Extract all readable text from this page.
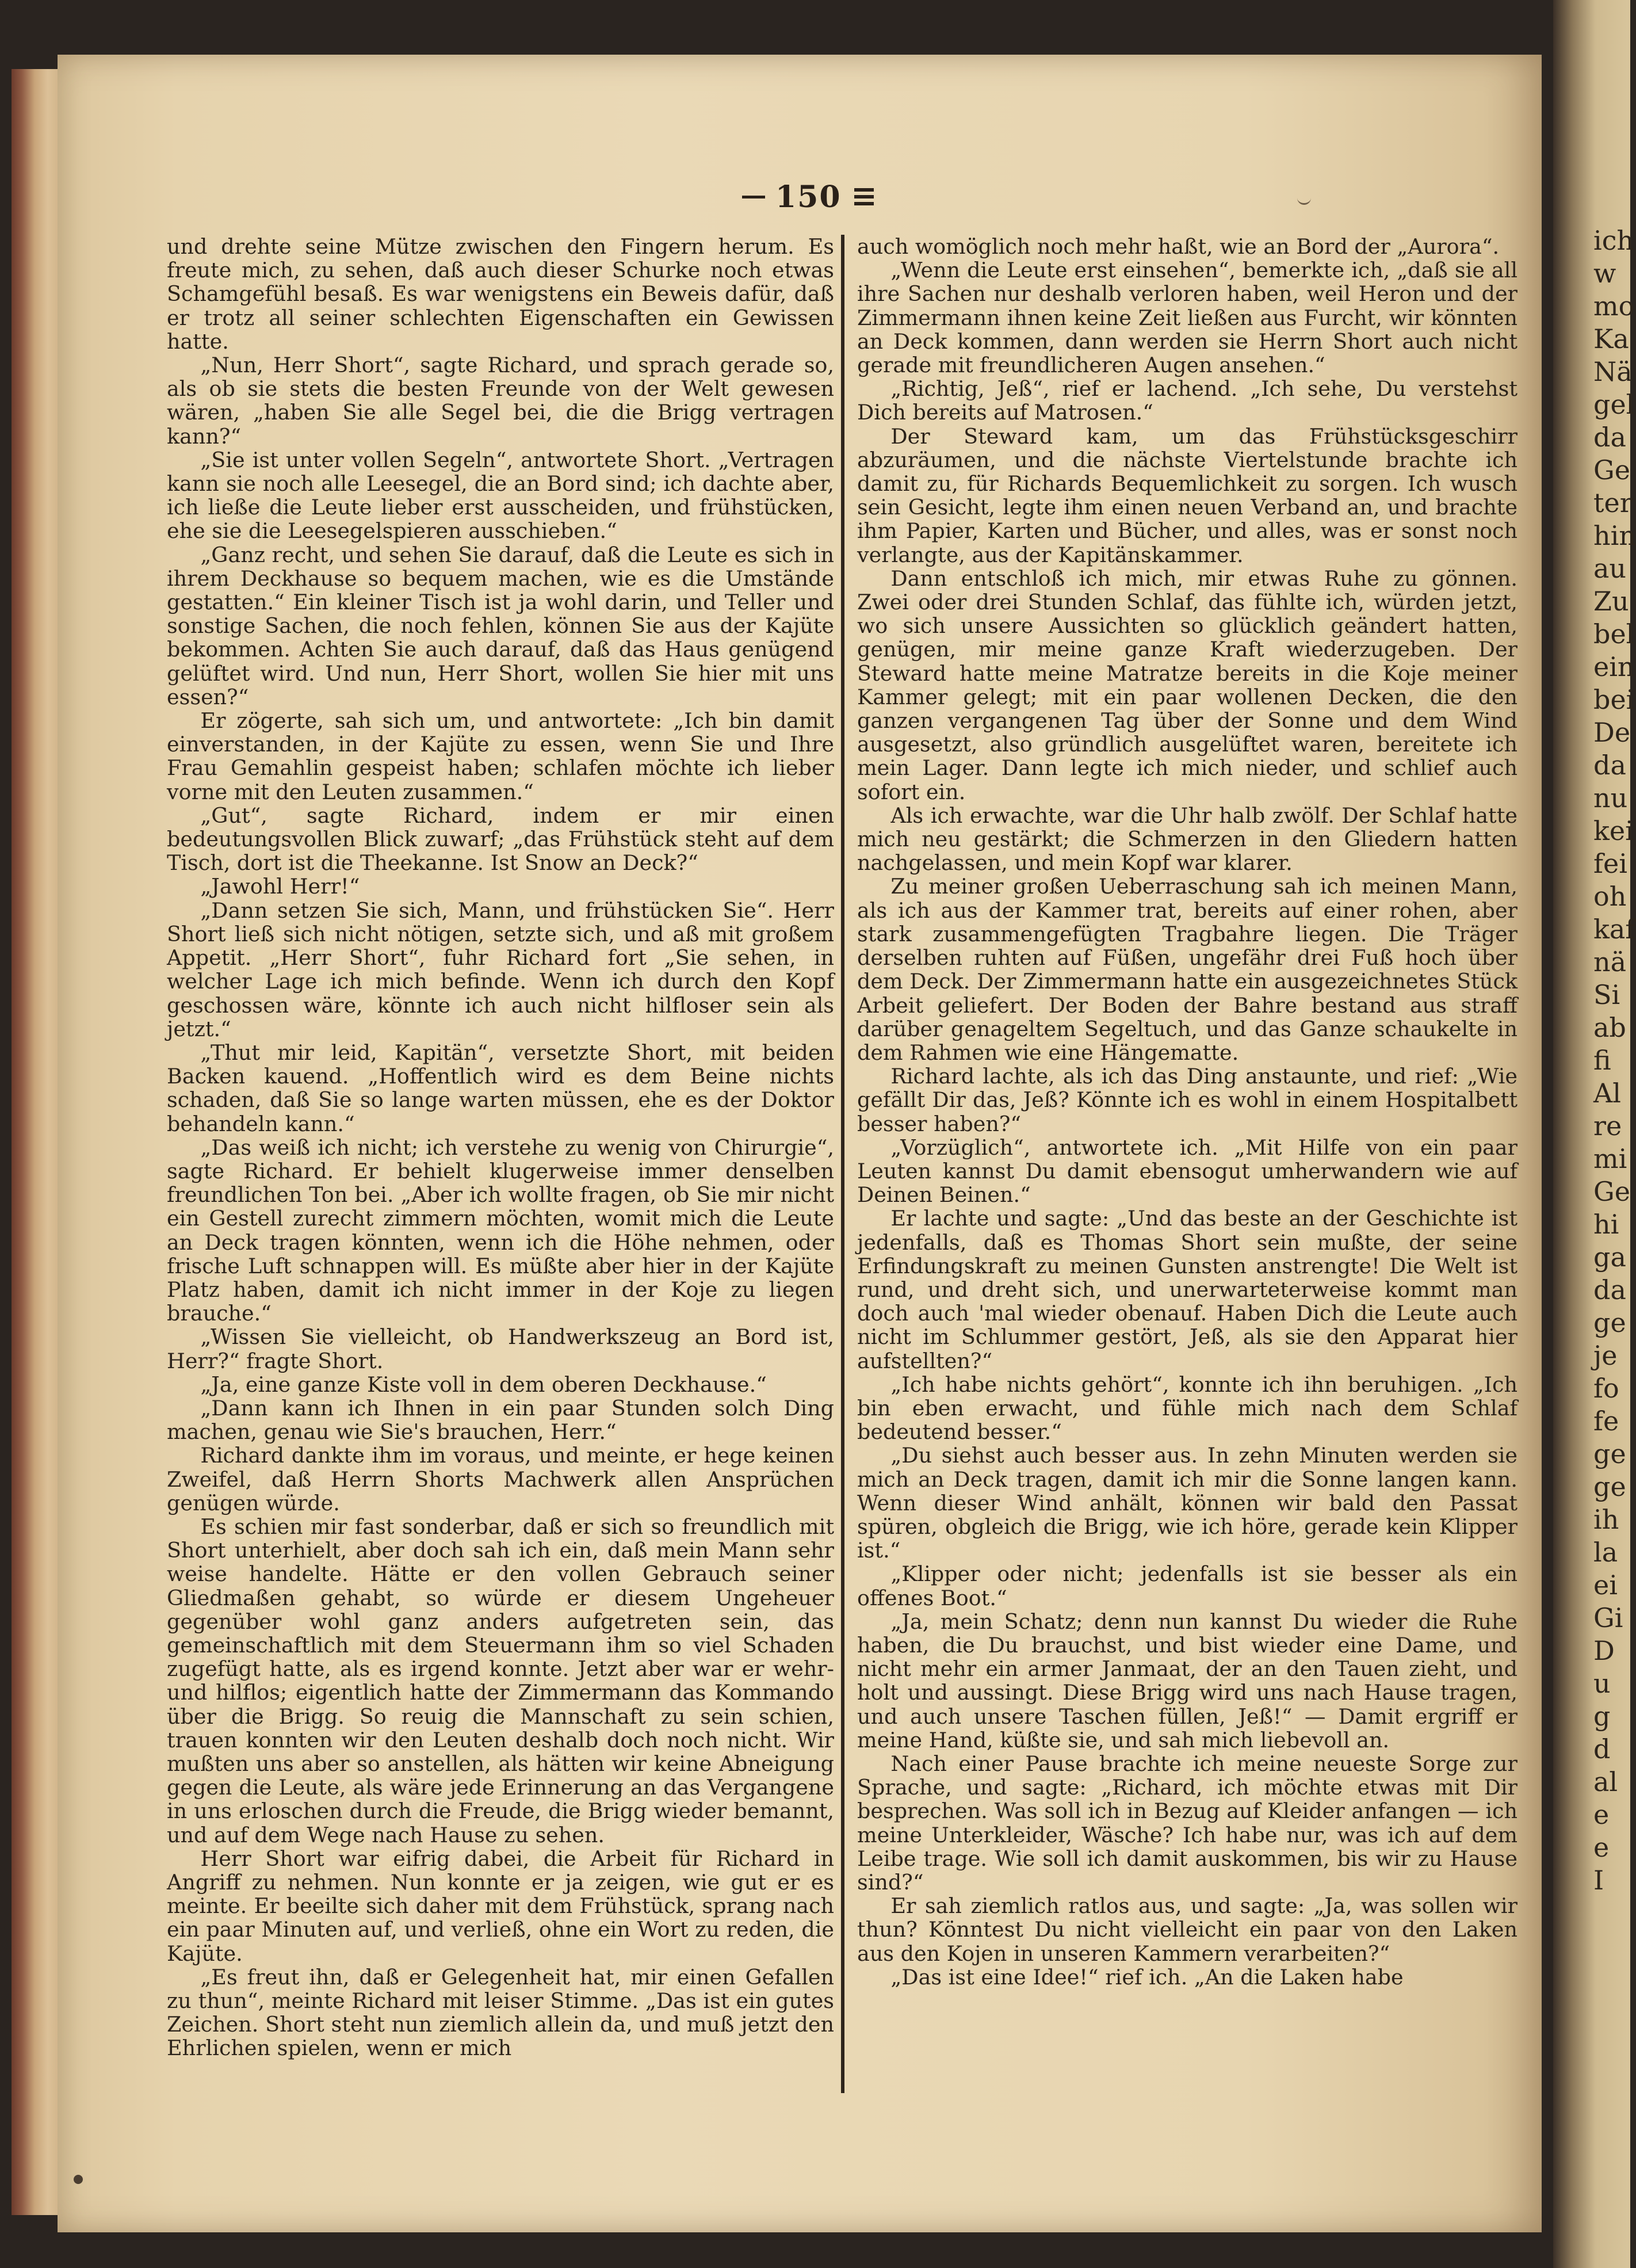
ich
w
mo
Ka
Nä
gel
da
Ge
ter
hin
au
Zu
bel
ein
bei
De
da
nu
kei
fei
oh
kaf
nä
Si
ab
fi
Al
re
mi
Ge
hi
ga
da
ge
je
fo
fe
ge
ge
ih
la
ei
Gi
D
u
g
d
al
e
e
I
150

und drehte seine Mütze zwischen den Fingern herum. Es freute mich, zu sehen, daß auch dieser Schurke noch etwas Schamgefühl besaß. Es war wenigstens ein Beweis dafür, daß er trotz all seiner schlechten Eigenschaften ein Gewissen hatte.

„Nun, Herr Short“, sagte Richard, und sprach gerade so, als ob sie stets die besten Freunde von der Welt gewesen wären, „haben Sie alle Segel bei, die die Brigg vertragen kann?“

„Sie ist unter vollen Segeln“, antwortete Short. „Vertragen kann sie noch alle Leesegel, die an Bord sind; ich dachte aber, ich ließe die Leute lieber erst ausscheiden, und frühstücken, ehe sie die Leesegelspieren ausschieben.“

„Ganz recht, und sehen Sie darauf, daß die Leute es sich in ihrem Deckhause so bequem machen, wie es die Umstände gestatten.“ Ein kleiner Tisch ist ja wohl darin, und Teller und sonstige Sachen, die noch fehlen, können Sie aus der Kajüte bekommen. Achten Sie auch darauf, daß das Haus genügend gelüftet wird. Und nun, Herr Short, wollen Sie hier mit uns essen?“

Er zögerte, sah sich um, und antwortete: „Ich bin damit einverstanden, in der Kajüte zu essen, wenn Sie und Ihre Frau Gemahlin gespeist haben; schlafen möchte ich lieber vorne mit den Leuten zusammen.“

„Gut“, sagte Richard, indem er mir einen bedeutungsvollen Blick zuwarf; „das Frühstück steht auf dem Tisch, dort ist die Theekanne. Ist Snow an Deck?“

„Jawohl Herr!“

„Dann setzen Sie sich, Mann, und frühstücken Sie“. Herr Short ließ sich nicht nötigen, setzte sich, und aß mit großem Appetit. „Herr Short“, fuhr Richard fort „Sie sehen, in welcher Lage ich mich befinde. Wenn ich durch den Kopf geschossen wäre, könnte ich auch nicht hilfloser sein als jetzt.“

„Thut mir leid, Kapitän“, versetzte Short, mit beiden Backen kauend. „Hoffentlich wird es dem Beine nichts schaden, daß Sie so lange warten müssen, ehe es der Doktor behandeln kann.“

„Das weiß ich nicht; ich verstehe zu wenig von Chirurgie“, sagte Richard. Er behielt klugerweise immer denselben freundlichen Ton bei. „Aber ich wollte fragen, ob Sie mir nicht ein Gestell zurecht zimmern möchten, womit mich die Leute an Deck tragen könnten, wenn ich die Höhe nehmen, oder frische Luft schnappen will. Es müßte aber hier in der Kajüte Platz haben, damit ich nicht immer in der Koje zu liegen brauche.“

„Wissen Sie vielleicht, ob Handwerkszeug an Bord ist, Herr?“ fragte Short.

„Ja, eine ganze Kiste voll in dem oberen Deckhause.“

„Dann kann ich Ihnen in ein paar Stunden solch Ding machen, genau wie Sie's brauchen, Herr.“

Richard dankte ihm im voraus, und meinte, er hege keinen Zweifel, daß Herrn Shorts Machwerk allen Ansprüchen genügen würde.

Es schien mir fast sonderbar, daß er sich so freundlich mit Short unterhielt, aber doch sah ich ein, daß mein Mann sehr weise handelte. Hätte er den vollen Gebrauch seiner Gliedmaßen gehabt, so würde er diesem Ungeheuer gegenüber wohl ganz anders aufgetreten sein, das gemeinschaftlich mit dem Steuermann ihm so viel Schaden zugefügt hatte, als es irgend konnte. Jetzt aber war er wehr- und hilflos; eigentlich hatte der Zimmermann das Kommando über die Brigg. So reuig die Mannschaft zu sein schien, trauen konnten wir den Leuten deshalb doch noch nicht. Wir mußten uns aber so anstellen, als hätten wir keine Abneigung gegen die Leute, als wäre jede Erinnerung an das Vergangene in uns erloschen durch die Freude, die Brigg wieder bemannt, und auf dem Wege nach Hause zu sehen.

Herr Short war eifrig dabei, die Arbeit für Richard in Angriff zu nehmen. Nun konnte er ja zeigen, wie gut er es meinte. Er beeilte sich daher mit dem Frühstück, sprang nach ein paar Minuten auf, und verließ, ohne ein Wort zu reden, die Kajüte.

„Es freut ihn, daß er Gelegenheit hat, mir einen Gefallen zu thun“, meinte Richard mit leiser Stimme. „Das ist ein gutes Zeichen. Short steht nun ziemlich allein da, und muß jetzt den Ehrlichen spielen, wenn er mich

auch womöglich noch mehr haßt, wie an Bord der „Aurora“.

„Wenn die Leute erst einsehen“, bemerkte ich, „daß sie all ihre Sachen nur deshalb verloren haben, weil Heron und der Zimmermann ihnen keine Zeit ließen aus Furcht, wir könnten an Deck kommen, dann werden sie Herrn Short auch nicht gerade mit freundlicheren Augen ansehen.“

„Richtig, Jeß“, rief er lachend. „Ich sehe, Du verstehst Dich bereits auf Matrosen.“

Der Steward kam, um das Frühstücksgeschirr abzuräumen, und die nächste Viertelstunde brachte ich damit zu, für Richards Bequemlichkeit zu sorgen. Ich wusch sein Gesicht, legte ihm einen neuen Verband an, und brachte ihm Papier, Karten und Bücher, und alles, was er sonst noch verlangte, aus der Kapitänskammer.

Dann entschloß ich mich, mir etwas Ruhe zu gönnen. Zwei oder drei Stunden Schlaf, das fühlte ich, würden jetzt, wo sich unsere Aussichten so glücklich geändert hatten, genügen, mir meine ganze Kraft wiederzugeben. Der Steward hatte meine Matratze bereits in die Koje meiner Kammer gelegt; mit ein paar wollenen Decken, die den ganzen vergangenen Tag über der Sonne und dem Wind ausgesetzt, also gründlich ausgelüftet waren, bereitete ich mein Lager. Dann legte ich mich nieder, und schlief auch sofort ein.

Als ich erwachte, war die Uhr halb zwölf. Der Schlaf hatte mich neu gestärkt; die Schmerzen in den Gliedern hatten nachgelassen, und mein Kopf war klarer.

Zu meiner großen Ueberraschung sah ich meinen Mann, als ich aus der Kammer trat, bereits auf einer rohen, aber stark zusammengefügten Tragbahre liegen. Die Träger derselben ruhten auf Füßen, ungefähr drei Fuß hoch über dem Deck. Der Zimmermann hatte ein ausgezeichnetes Stück Arbeit geliefert. Der Boden der Bahre bestand aus straff darüber genageltem Segeltuch, und das Ganze schaukelte in dem Rahmen wie eine Hängematte.

Richard lachte, als ich das Ding anstaunte, und rief: „Wie gefällt Dir das, Jeß? Könnte ich es wohl in einem Hospitalbett besser haben?“

„Vorzüglich“, antwortete ich. „Mit Hilfe von ein paar Leuten kannst Du damit ebensogut umherwandern wie auf Deinen Beinen.“

Er lachte und sagte: „Und das beste an der Geschichte ist jedenfalls, daß es Thomas Short sein mußte, der seine Erfindungskraft zu meinen Gunsten anstrengte! Die Welt ist rund, und dreht sich, und unerwarteterweise kommt man doch auch 'mal wieder obenauf. Haben Dich die Leute auch nicht im Schlummer gestört, Jeß, als sie den Apparat hier aufstellten?“

„Ich habe nichts gehört“, konnte ich ihn beruhigen. „Ich bin eben erwacht, und fühle mich nach dem Schlaf bedeutend besser.“

„Du siehst auch besser aus. In zehn Minuten werden sie mich an Deck tragen, damit ich mir die Sonne langen kann. Wenn dieser Wind anhält, können wir bald den Passat spüren, obgleich die Brigg, wie ich höre, gerade kein Klipper ist.“

„Klipper oder nicht; jedenfalls ist sie besser als ein offenes Boot.“

„Ja, mein Schatz; denn nun kannst Du wieder die Ruhe haben, die Du brauchst, und bist wieder eine Dame, und nicht mehr ein armer Janmaat, der an den Tauen zieht, und holt und aussingt. Diese Brigg wird uns nach Hause tragen, und auch unsere Taschen füllen, Jeß!“ — Damit ergriff er meine Hand, küßte sie, und sah mich liebevoll an.

Nach einer Pause brachte ich meine neueste Sorge zur Sprache, und sagte: „Richard, ich möchte etwas mit Dir besprechen. Was soll ich in Bezug auf Kleider anfangen — ich meine Unterkleider, Wäsche? Ich habe nur, was ich auf dem Leibe trage. Wie soll ich damit auskommen, bis wir zu Hause sind?“

Er sah ziemlich ratlos aus, und sagte: „Ja, was sollen wir thun? Könntest Du nicht vielleicht ein paar von den Laken aus den Kojen in unseren Kammern verarbeiten?“

„Das ist eine Idee!“ rief ich. „An die Laken habe
